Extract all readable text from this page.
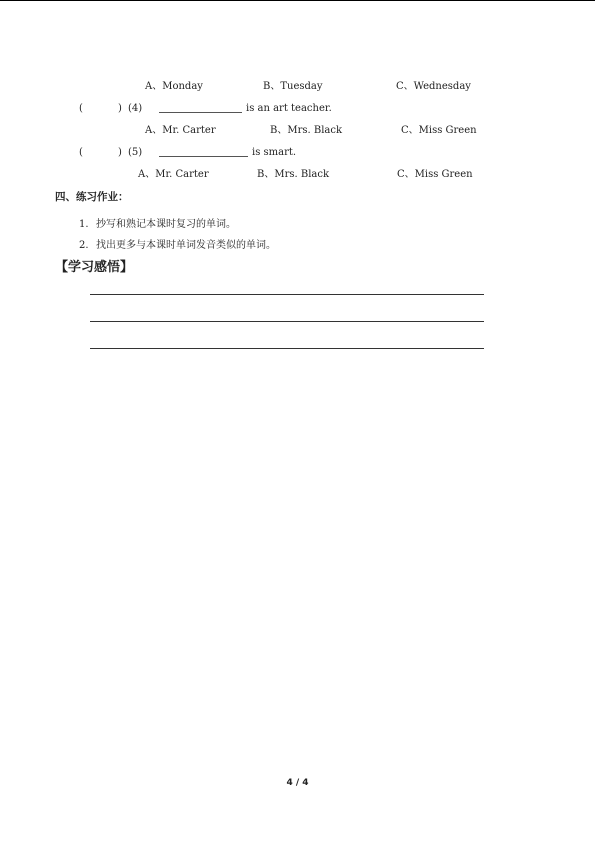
A、Monday	B、Tuesday	C、Wednesday
(	) (4)	is an art teacher.
A、Mr. Carter	B、Mrs. Black	C、Miss Green
(	) (5)	is smart.
A、Mr. Carter	B、Mrs. Black	C、Miss Green
四、练习作业：
1. 抄写和熟记本课时复习的单词。
2. 找出更多与本课时单词发音类似的单词。
【学习感悟】
4 / 4
